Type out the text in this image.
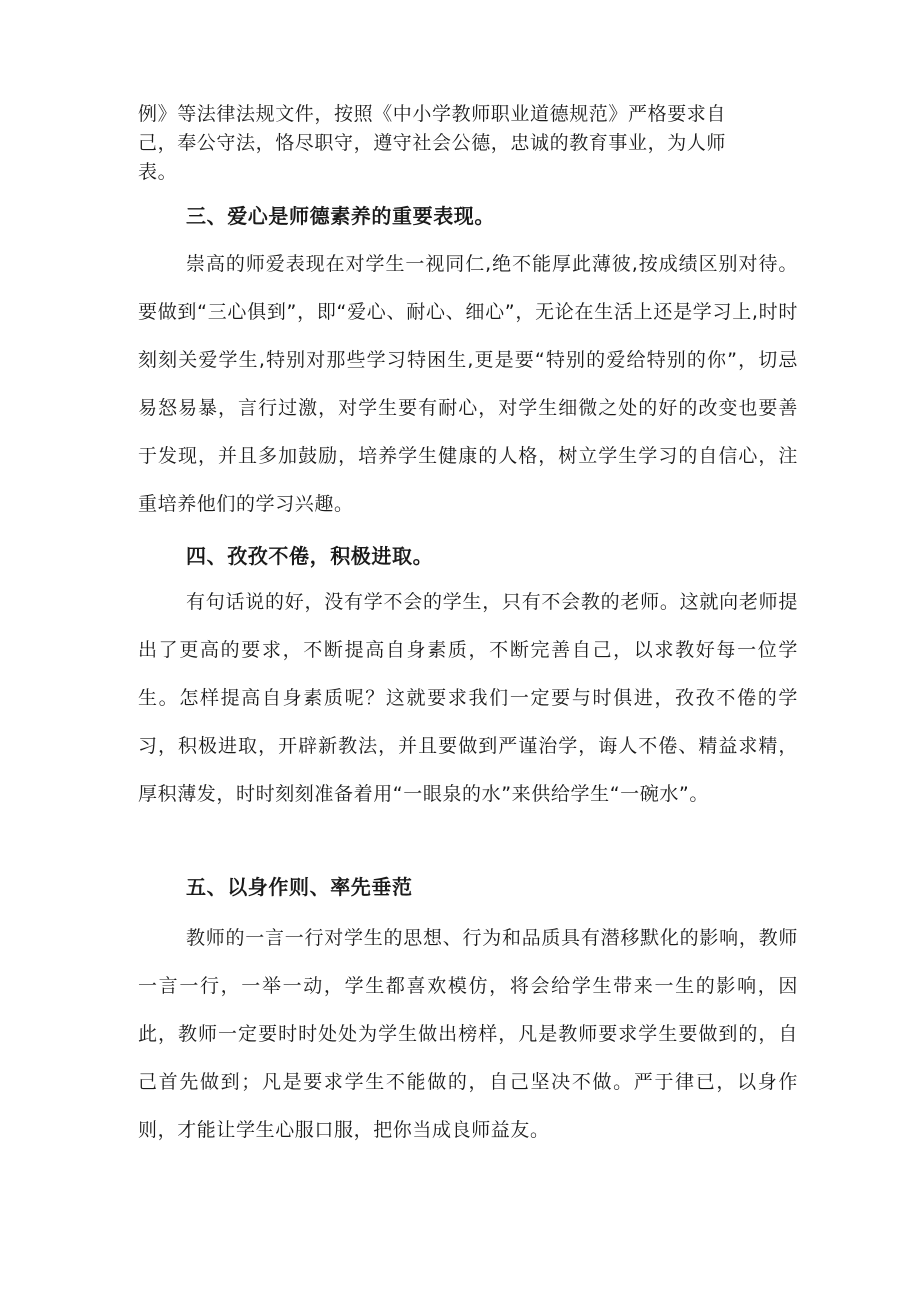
例》等法律法规文件，按照《中小学教师职业道德规范》严格要求自
己，奉公守法，恪尽职守，遵守社会公德，忠诚的教育事业，为人师
表。
三、爱心是师德素养的重要表现。
崇高的师爱表现在对学生一视同仁,绝不能厚此薄彼,按成绩区别对待。要做到“三心俱到”，即“爱心、耐心、细心”，无论在生活上还是学习上,时时刻刻关爱学生,特别对那些学习特困生,更是要“特别的爱给特别的你”，切忌易怒易暴，言行过激，对学生要有耐心，对学生细微之处的好的改变也要善于发现，并且多加鼓励，培养学生健康的人格，树立学生学习的自信心，注重培养他们的学习兴趣。
四、孜孜不倦，积极进取。
有句话说的好，没有学不会的学生，只有不会教的老师。这就向老师提出了更高的要求，不断提高自身素质，不断完善自己，以求教好每一位学生。怎样提高自身素质呢？这就要求我们一定要与时俱进，孜孜不倦的学习，积极进取，开辟新教法，并且要做到严谨治学，诲人不倦、精益求精，厚积薄发，时时刻刻准备着用“一眼泉的水”来供给学生“一碗水”。
五、以身作则、率先垂范
教师的一言一行对学生的思想、行为和品质具有潜移默化的影响，教师一言一行，一举一动，学生都喜欢模仿，将会给学生带来一生的影响，因此，教师一定要时时处处为学生做出榜样，凡是教师要求学生要做到的，自己首先做到；凡是要求学生不能做的，自己坚决不做。严于律已，以身作则，才能让学生心服口服，把你当成良师益友。
